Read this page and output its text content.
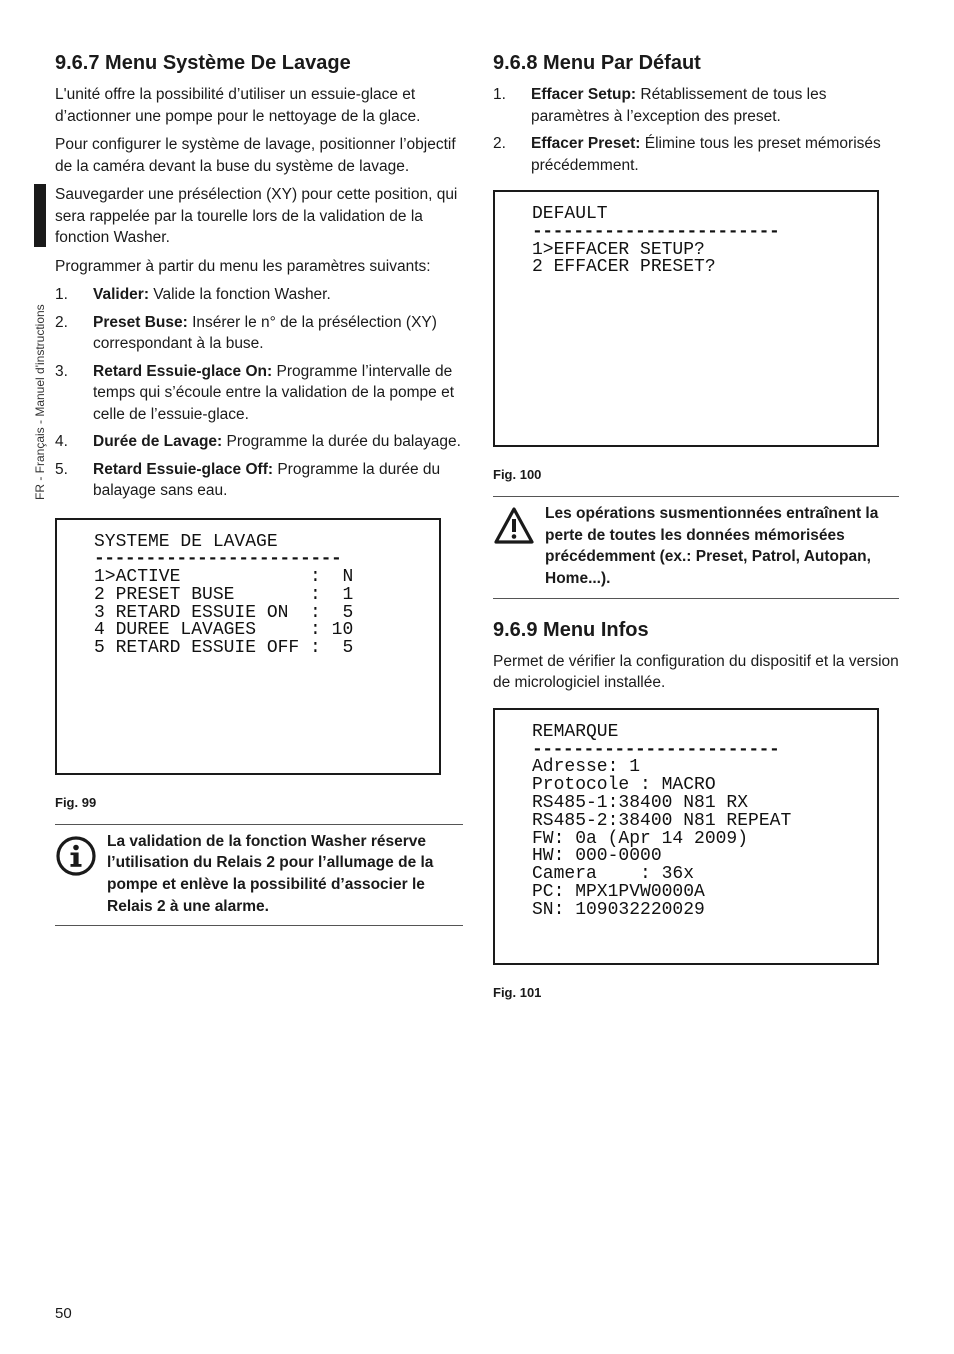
FR - Français - Manuel d'instructions
9.6.7 Menu Système De Lavage

L'unité offre la possibilité d’utiliser un essuie-glace et d’actionner une pompe pour le nettoyage de la glace.

Pour configurer le système de lavage, positionner l’objectif de la caméra devant la buse du système de lavage.

Sauvegarder une présélection (XY) pour cette position, qui sera rappelée par la tourelle lors de la validation de la fonction Washer.

Programmer à partir du menu les paramètres suivants:

1. Valider: Valide la fonction Washer.
2. Preset Buse: Insérer le n° de la présélection (XY) correspondant à la buse.
3. Retard Essuie-glace On: Programme l’intervalle de temps qui s’écoule entre la validation de la pompe et celle de l’essuie-glace.
4. Durée de Lavage: Programme la durée du balayage.
5. Retard Essuie-glace Off: Programme la durée du balayage sans eau.
SYSTEME DE LAVAGE
------------------------
1>ACTIVE            :  N
2 PRESET BUSE       :  1
3 RETARD ESSUIE ON  :  5
4 DUREE LAVAGES     : 10
5 RETARD ESSUIE OFF :  5
Fig. 99
La validation de la fonction Washer réserve l’utilisation du Relais 2 pour l’allumage de la pompe et enlève la possibilité d’associer le Relais 2 à une alarme.
9.6.8 Menu Par Défaut
1. Effacer Setup: Rétablissement de tous les paramètres à l’exception des preset.
2. Effacer Preset: Élimine tous les preset mémorisés précédemment.
DEFAULT
------------------------
1>EFFACER SETUP?
2 EFFACER PRESET?
Fig. 100
Les opérations susmentionnées entraînent la perte de toutes les données mémorisées précédemment (ex.: Preset, Patrol, Autopan, Home...).
9.6.9 Menu Infos

Permet de vérifier la configuration du dispositif et la version de micrologiciel installée.

REMARQUE
------------------------
Adresse: 1
Protocole : MACRO
RS485-1:38400 N81 RX
RS485-2:38400 N81 REPEAT
FW: 0a (Apr 14 2009)
HW: 000-0000
Camera    : 36x
PC: MPX1PVW0000A
SN: 109032220029
Fig. 101
50
